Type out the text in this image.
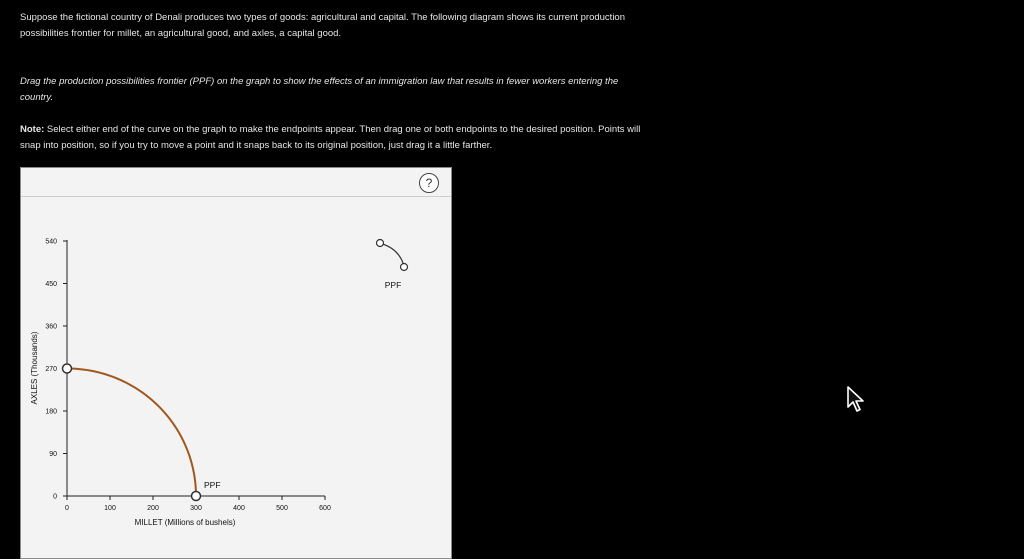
Suppose the fictional country of Denali produces two types of goods: agricultural and capital. The following diagram shows its current production

possibilities frontier for millet, an agricultural good, and axles, a capital good.

Drag the production possibilities frontier (PPF) on the graph to show the effects of an immigration law that results in fewer workers entering the

country.

Note: Select either end of the curve on the graph to make the endpoints appear. Then drag one or both endpoints to the desired position. Points will

snap into position, so if you try to move a point and it snaps back to its original position, just drag it a little farther.

?
0	100	200	300	400	500	600
0
90
180
270
360
450
540
MILLET (Millions of bushels)
AXLES (Thousands)
PPF
PPF
